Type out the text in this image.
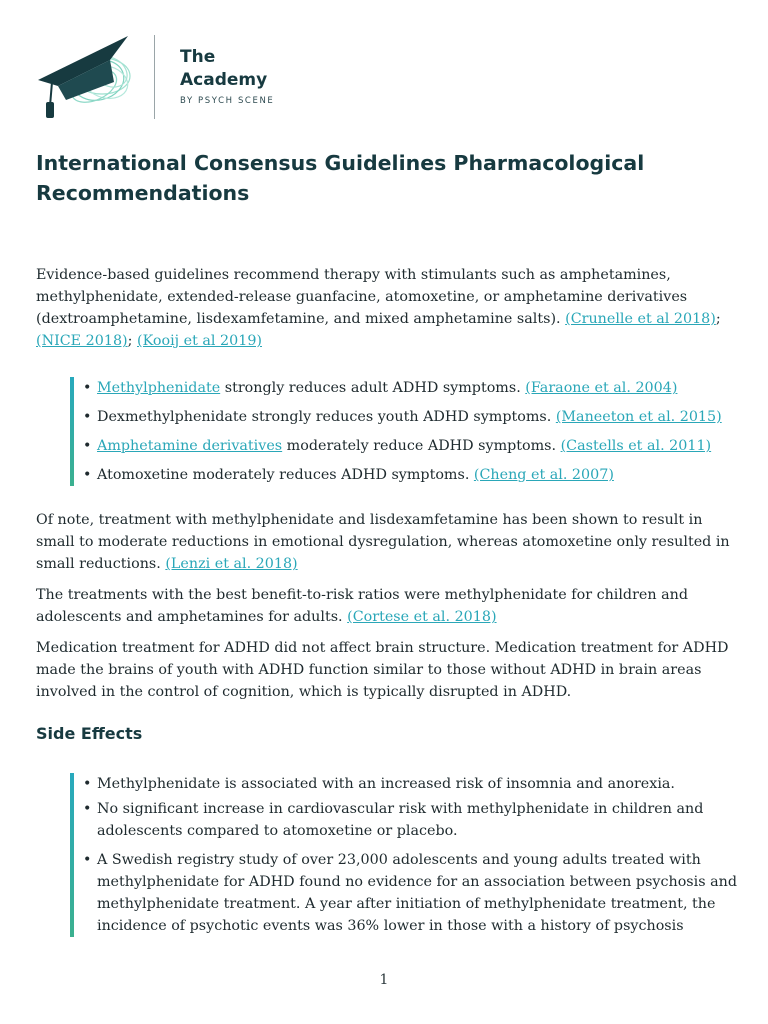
The
Academy
BY PSYCH SCENE
International Consensus Guidelines Pharmacological Recommendations

Evidence-based guidelines recommend therapy with stimulants such as amphetamines, methylphenidate, extended-release guanfacine, atomoxetine, or amphetamine derivatives (dextroamphetamine, lisdexamfetamine, and mixed amphetamine salts). (Crunelle et al 2018); (NICE 2018); (Kooij et al 2019)

• Methylphenidate strongly reduces adult ADHD symptoms. (Faraone et al. 2004)
• Dexmethylphenidate strongly reduces youth ADHD symptoms. (Maneeton et al. 2015)
• Amphetamine derivatives moderately reduce ADHD symptoms. (Castells et al. 2011)
• Atomoxetine moderately reduces ADHD symptoms. (Cheng et al. 2007)

Of note, treatment with methylphenidate and lisdexamfetamine has been shown to result in small to moderate reductions in emotional dysregulation, whereas atomoxetine only resulted in small reductions. (Lenzi et al. 2018)

The treatments with the best benefit-to-risk ratios were methylphenidate for children and adolescents and amphetamines for adults. (Cortese et al. 2018)

Medication treatment for ADHD did not affect brain structure. Medication treatment for ADHD made the brains of youth with ADHD function similar to those without ADHD in brain areas involved in the control of cognition, which is typically disrupted in ADHD.

Side Effects
• Methylphenidate is associated with an increased risk of insomnia and anorexia.
• No significant increase in cardiovascular risk with methylphenidate in children and adolescents compared to atomoxetine or placebo.
• A Swedish registry study of over 23,000 adolescents and young adults treated with methylphenidate for ADHD found no evidence for an association between psychosis and methylphenidate treatment. A year after initiation of methylphenidate treatment, the incidence of psychotic events was 36% lower in those with a history of psychosis
1
